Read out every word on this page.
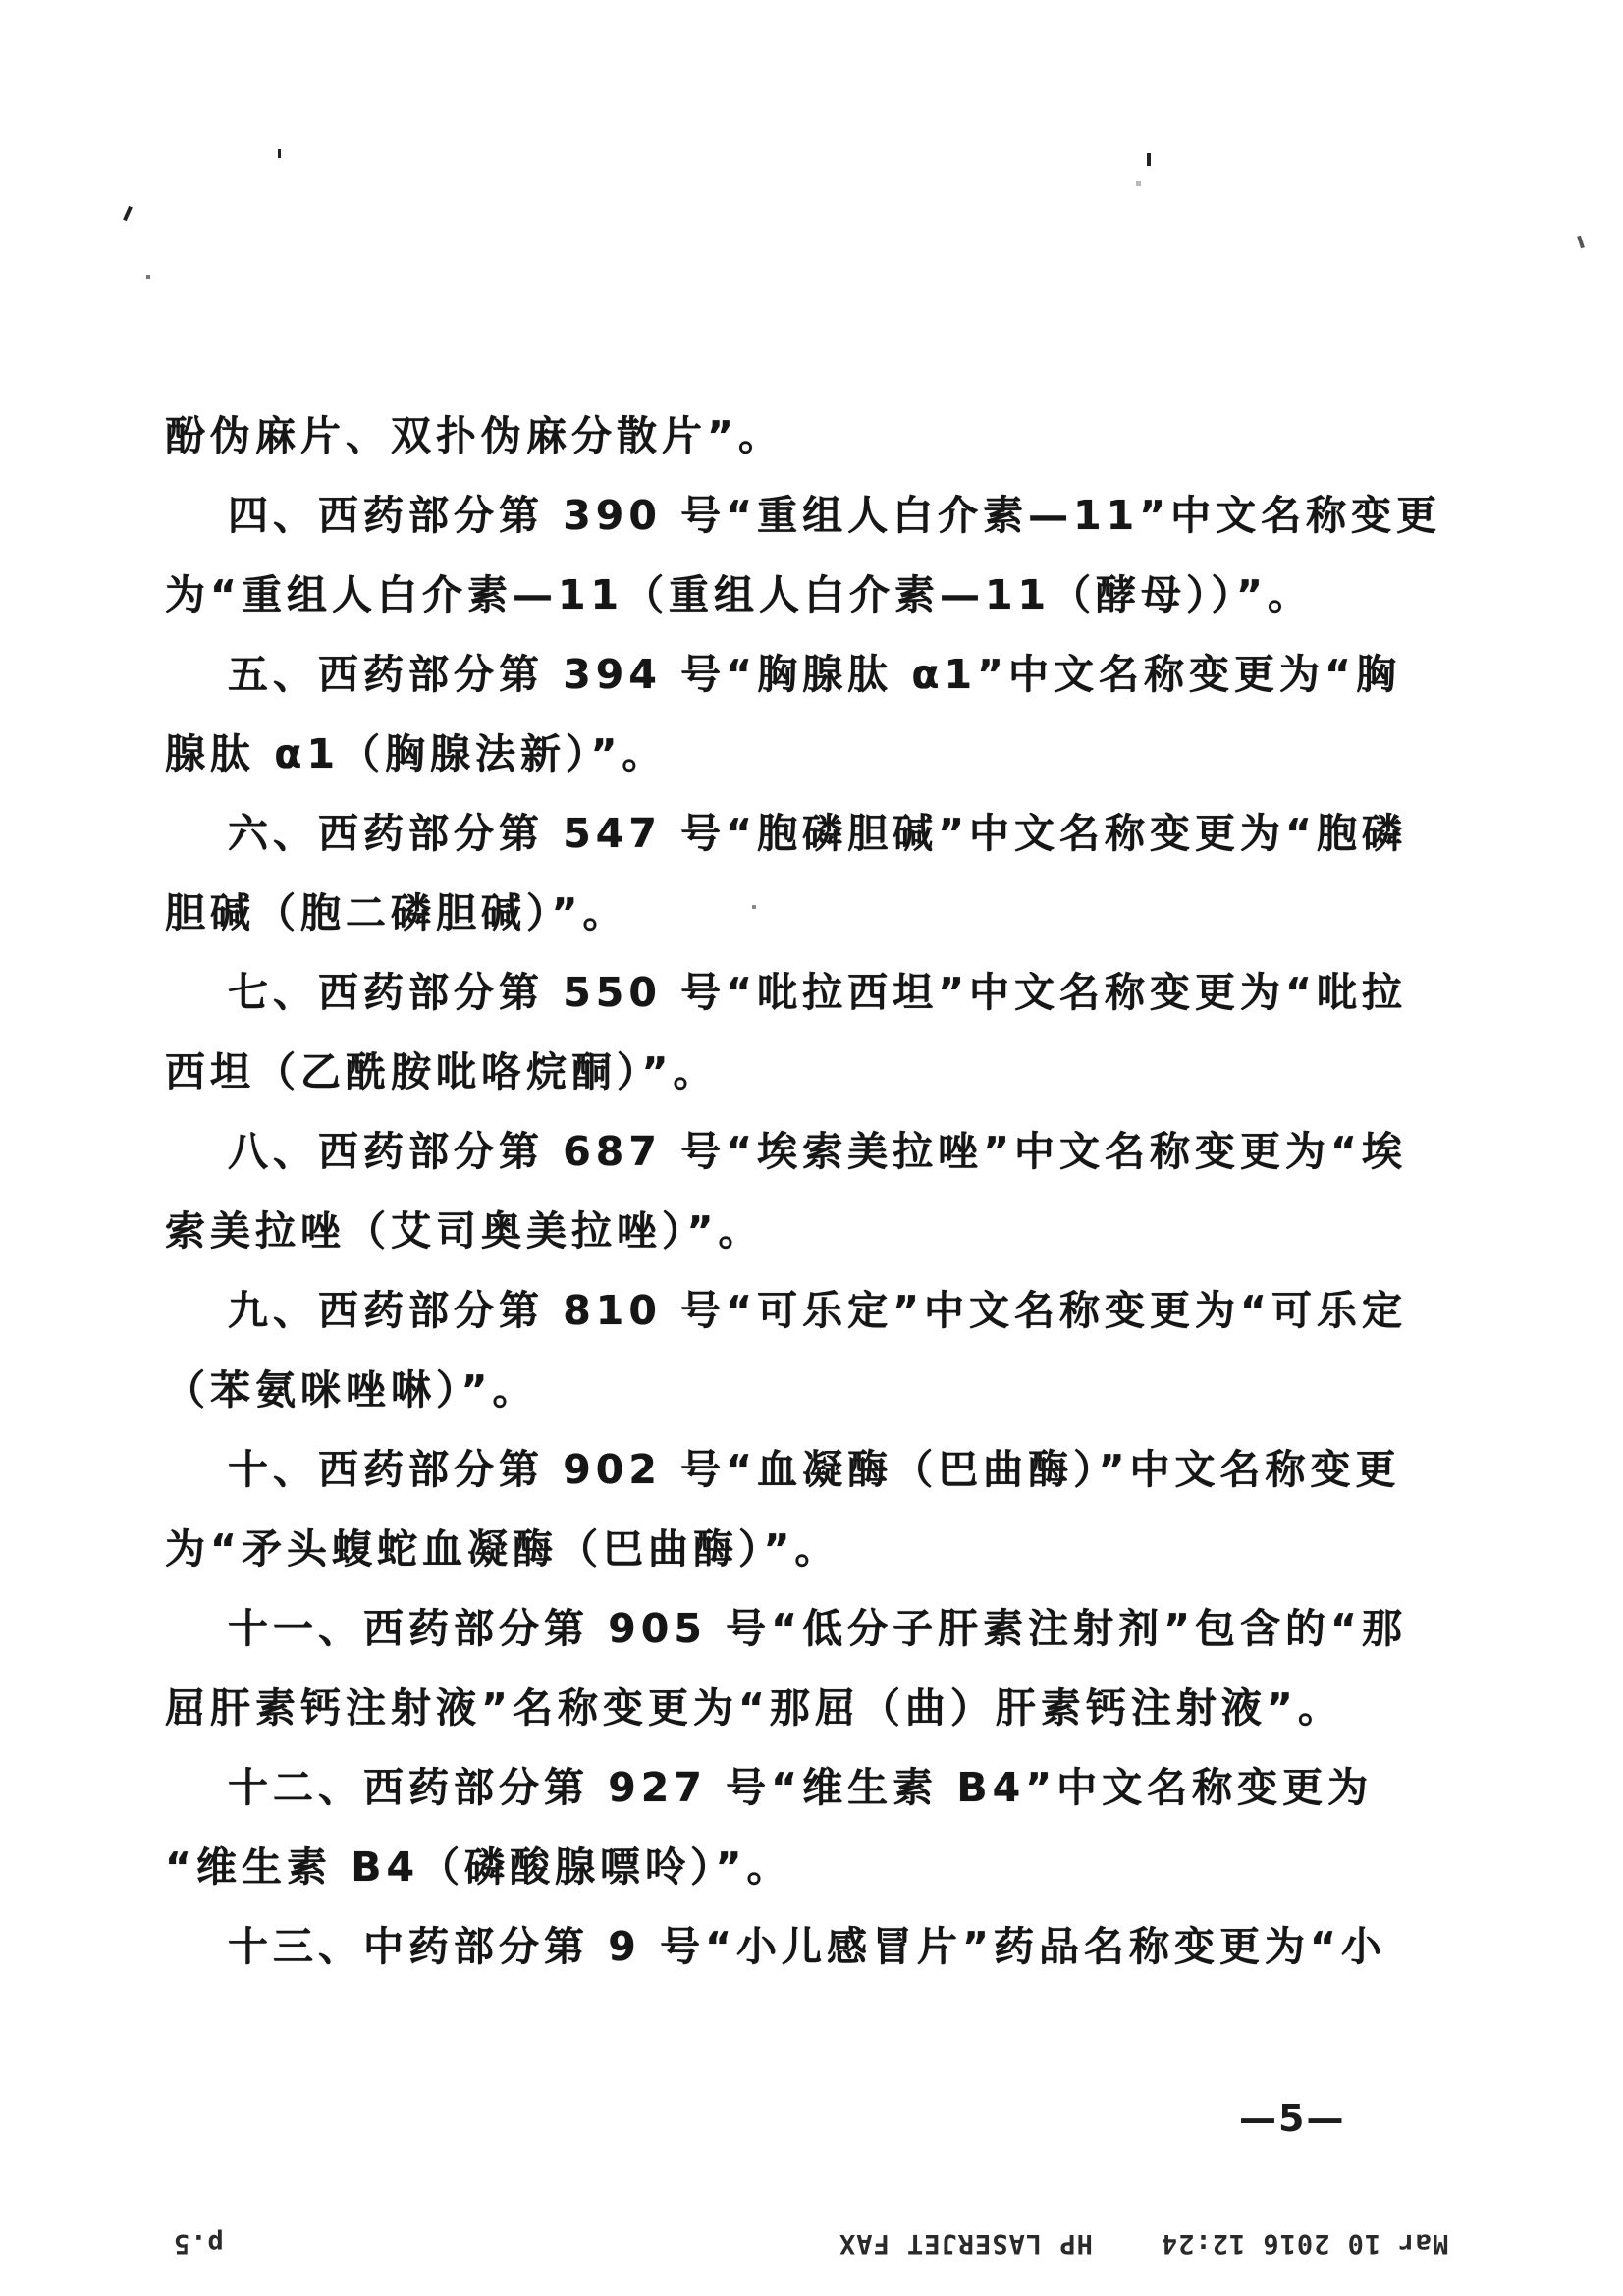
酚伪麻片、双扑伪麻分散片”。
四、西药部分第 390 号“重组人白介素—11”中文名称变更
为“重组人白介素—11（重组人白介素—11（酵母））”。
五、西药部分第 394 号“胸腺肽 α1”中文名称变更为“胸
腺肽 α1（胸腺法新）”。
六、西药部分第 547 号“胞磷胆碱”中文名称变更为“胞磷
胆碱（胞二磷胆碱）”。
七、西药部分第 550 号“吡拉西坦”中文名称变更为“吡拉
西坦（乙酰胺吡咯烷酮）”。
八、西药部分第 687 号“埃索美拉唑”中文名称变更为“埃
索美拉唑（艾司奥美拉唑）”。
九、西药部分第 810 号“可乐定”中文名称变更为“可乐定
（苯氨咪唑啉）”。
十、西药部分第 902 号“血凝酶（巴曲酶）”中文名称变更
为“矛头蝮蛇血凝酶（巴曲酶）”。
十一、西药部分第 905 号“低分子肝素注射剂”包含的“那
屈肝素钙注射液”名称变更为“那屈（曲）肝素钙注射液”。
十二、西药部分第 927 号“维生素 B4”中文名称变更为
“维生素 B4（磷酸腺嘌呤）”。
十三、中药部分第 9 号“小儿感冒片”药品名称变更为“小
—5—
Mar 10 2016 12:24    HP LASERJET FAX
p.5
